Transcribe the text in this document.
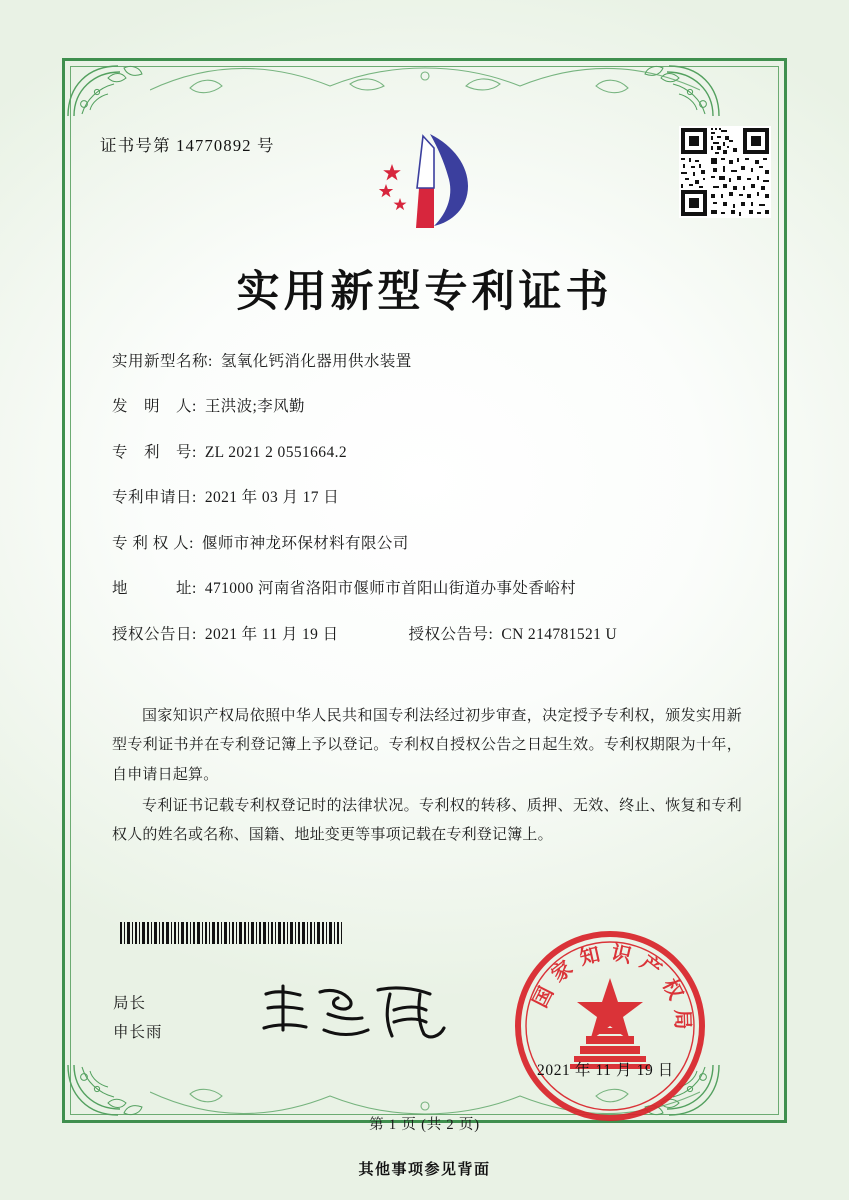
证书号第 14770892 号
实用新型专利证书
实用新型名称: 氢氧化钙消化器用供水装置
发　明　人: 王洪波;李风勤
专　利　号: ZL 2021 2 0551664.2
专利申请日: 2021 年 03 月 17 日
专 利 权 人: 偃师市神龙环保材料有限公司
地　　　址: 471000 河南省洛阳市偃师市首阳山街道办事处香峪村
授权公告日: 2021 年 11 月 19 日	授权公告号: CN 214781521 U

国家知识产权局依照中华人民共和国专利法经过初步审查，决定授予专利权，颁发实用新型专利证书并在专利登记簿上予以登记。专利权自授权公告之日起生效。专利权期限为十年，自申请日起算。

专利证书记载专利权登记时的法律状况。专利权的转移、质押、无效、终止、恢复和专利权人的姓名或名称、国籍、地址变更等事项记载在专利登记簿上。

局长
申长雨
国家知识产权局
2021 年 11 月 19 日
第 1 页 (共 2 页)
其他事项参见背面
